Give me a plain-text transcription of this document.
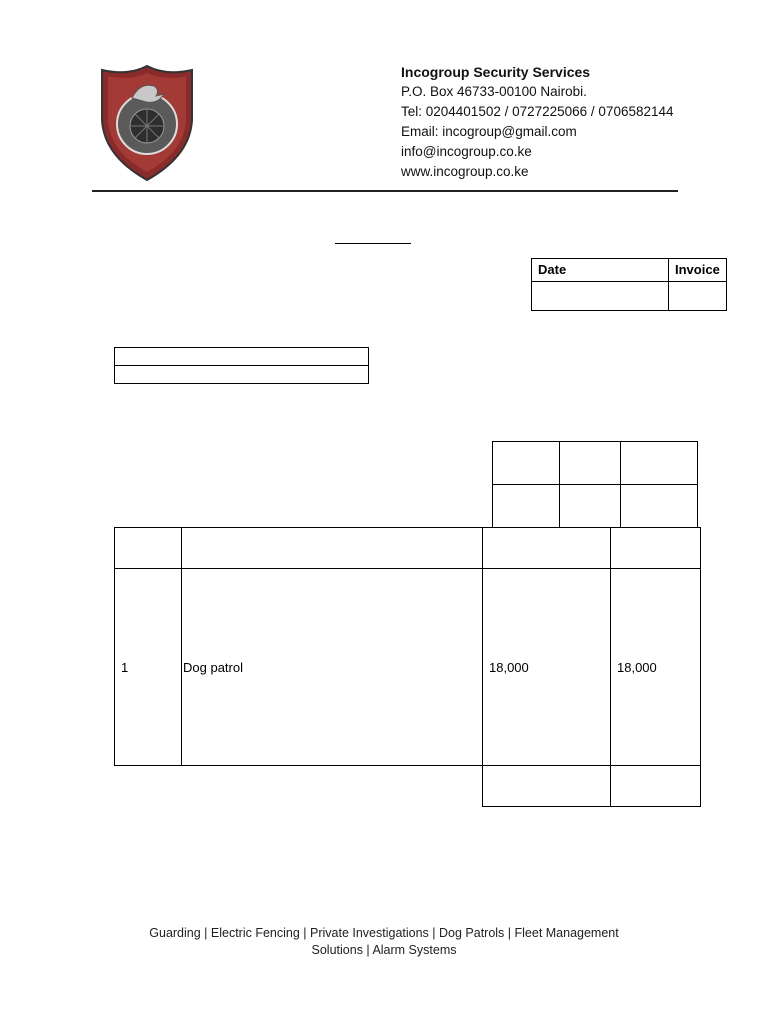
Incogroup Security Services
P.O. Box 46733-00100 Nairobi.
Tel: 0204401502 / 0727225066 / 0706582144
Email: incogroup@gmail.com
info@incogroup.co.ke
www.incogroup.co.ke
Date	Invoice

1	Dog patrol	18,000	18,000

Guarding | Electric Fencing | Private Investigations | Dog Patrols | Fleet Management
Solutions | Alarm Systems
